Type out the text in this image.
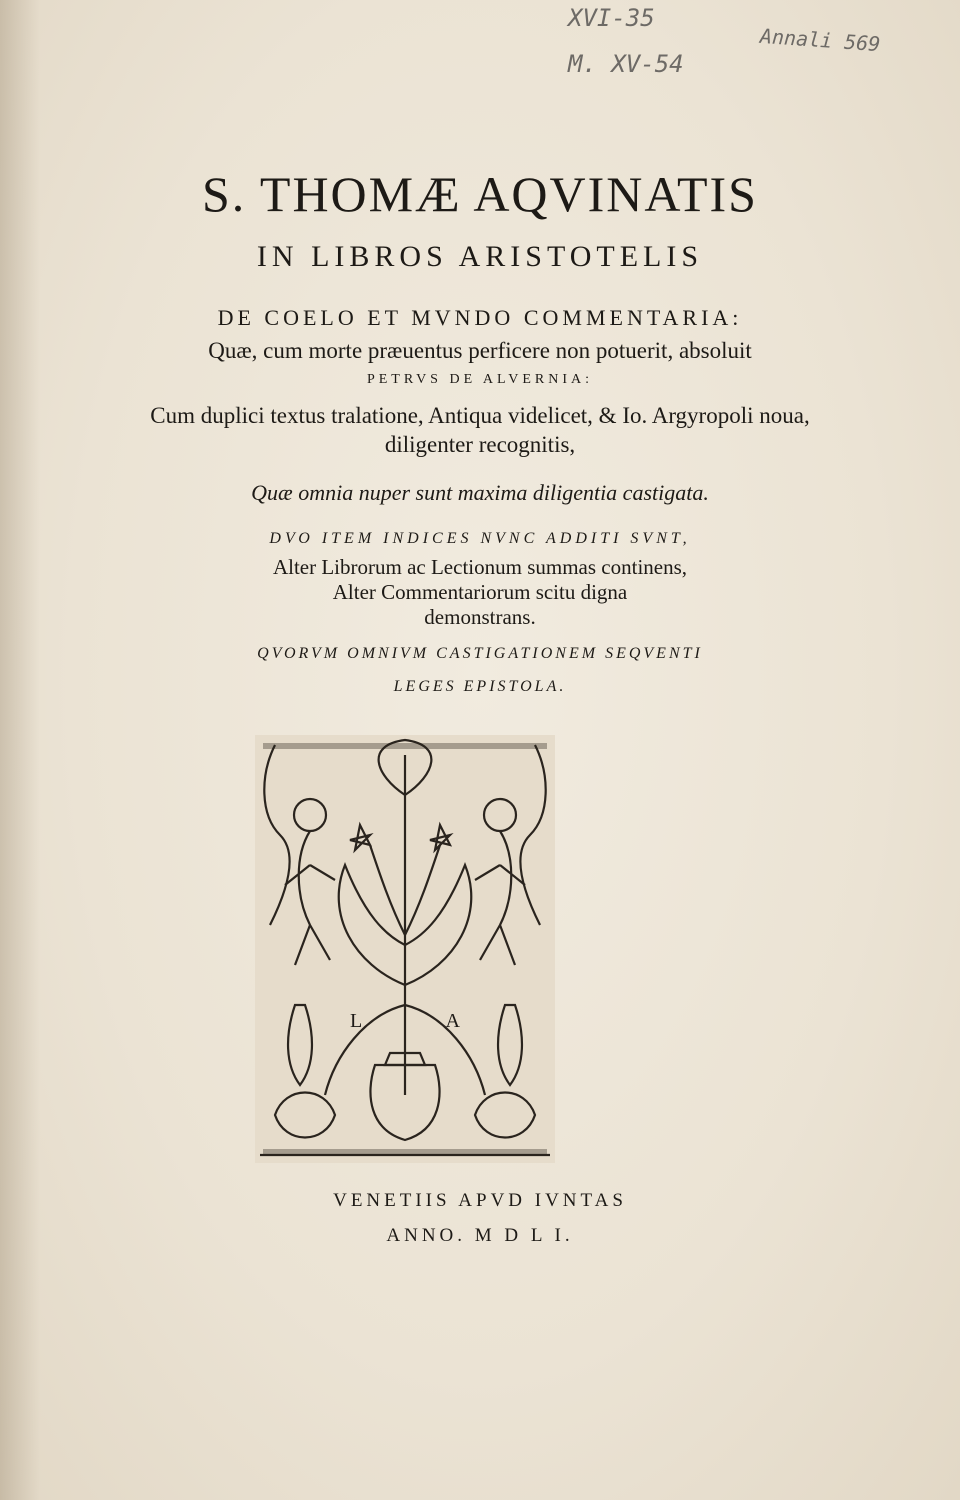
XVI-35
M. XV-54
Annali 569
S. THOMÆ AQVINATIS
IN LIBROS ARISTOTELIS
DE COELO ET MVNDO COMMENTARIA:
Quæ, cum morte præuentus perficere non potuerit, absoluit
PETRVS DE ALVERNIA:
Cum duplici textus tralatione, Antiqua videlicet, & Io. Argyropoli noua,
diligenter recognitis,
Quæ omnia nuper sunt maxima diligentia castigata.
DVO ITEM INDICES NVNC ADDITI SVNT,
Alter Librorum ac Lectionum summas continens,
Alter Commentariorum scitu digna
demonstrans.
QVORVM OMNIVM CASTIGATIONEM SEQVENTI
LEGES EPISTOLA.
L A
VENETIIS APVD IVNTAS
ANNO. M D L I.
